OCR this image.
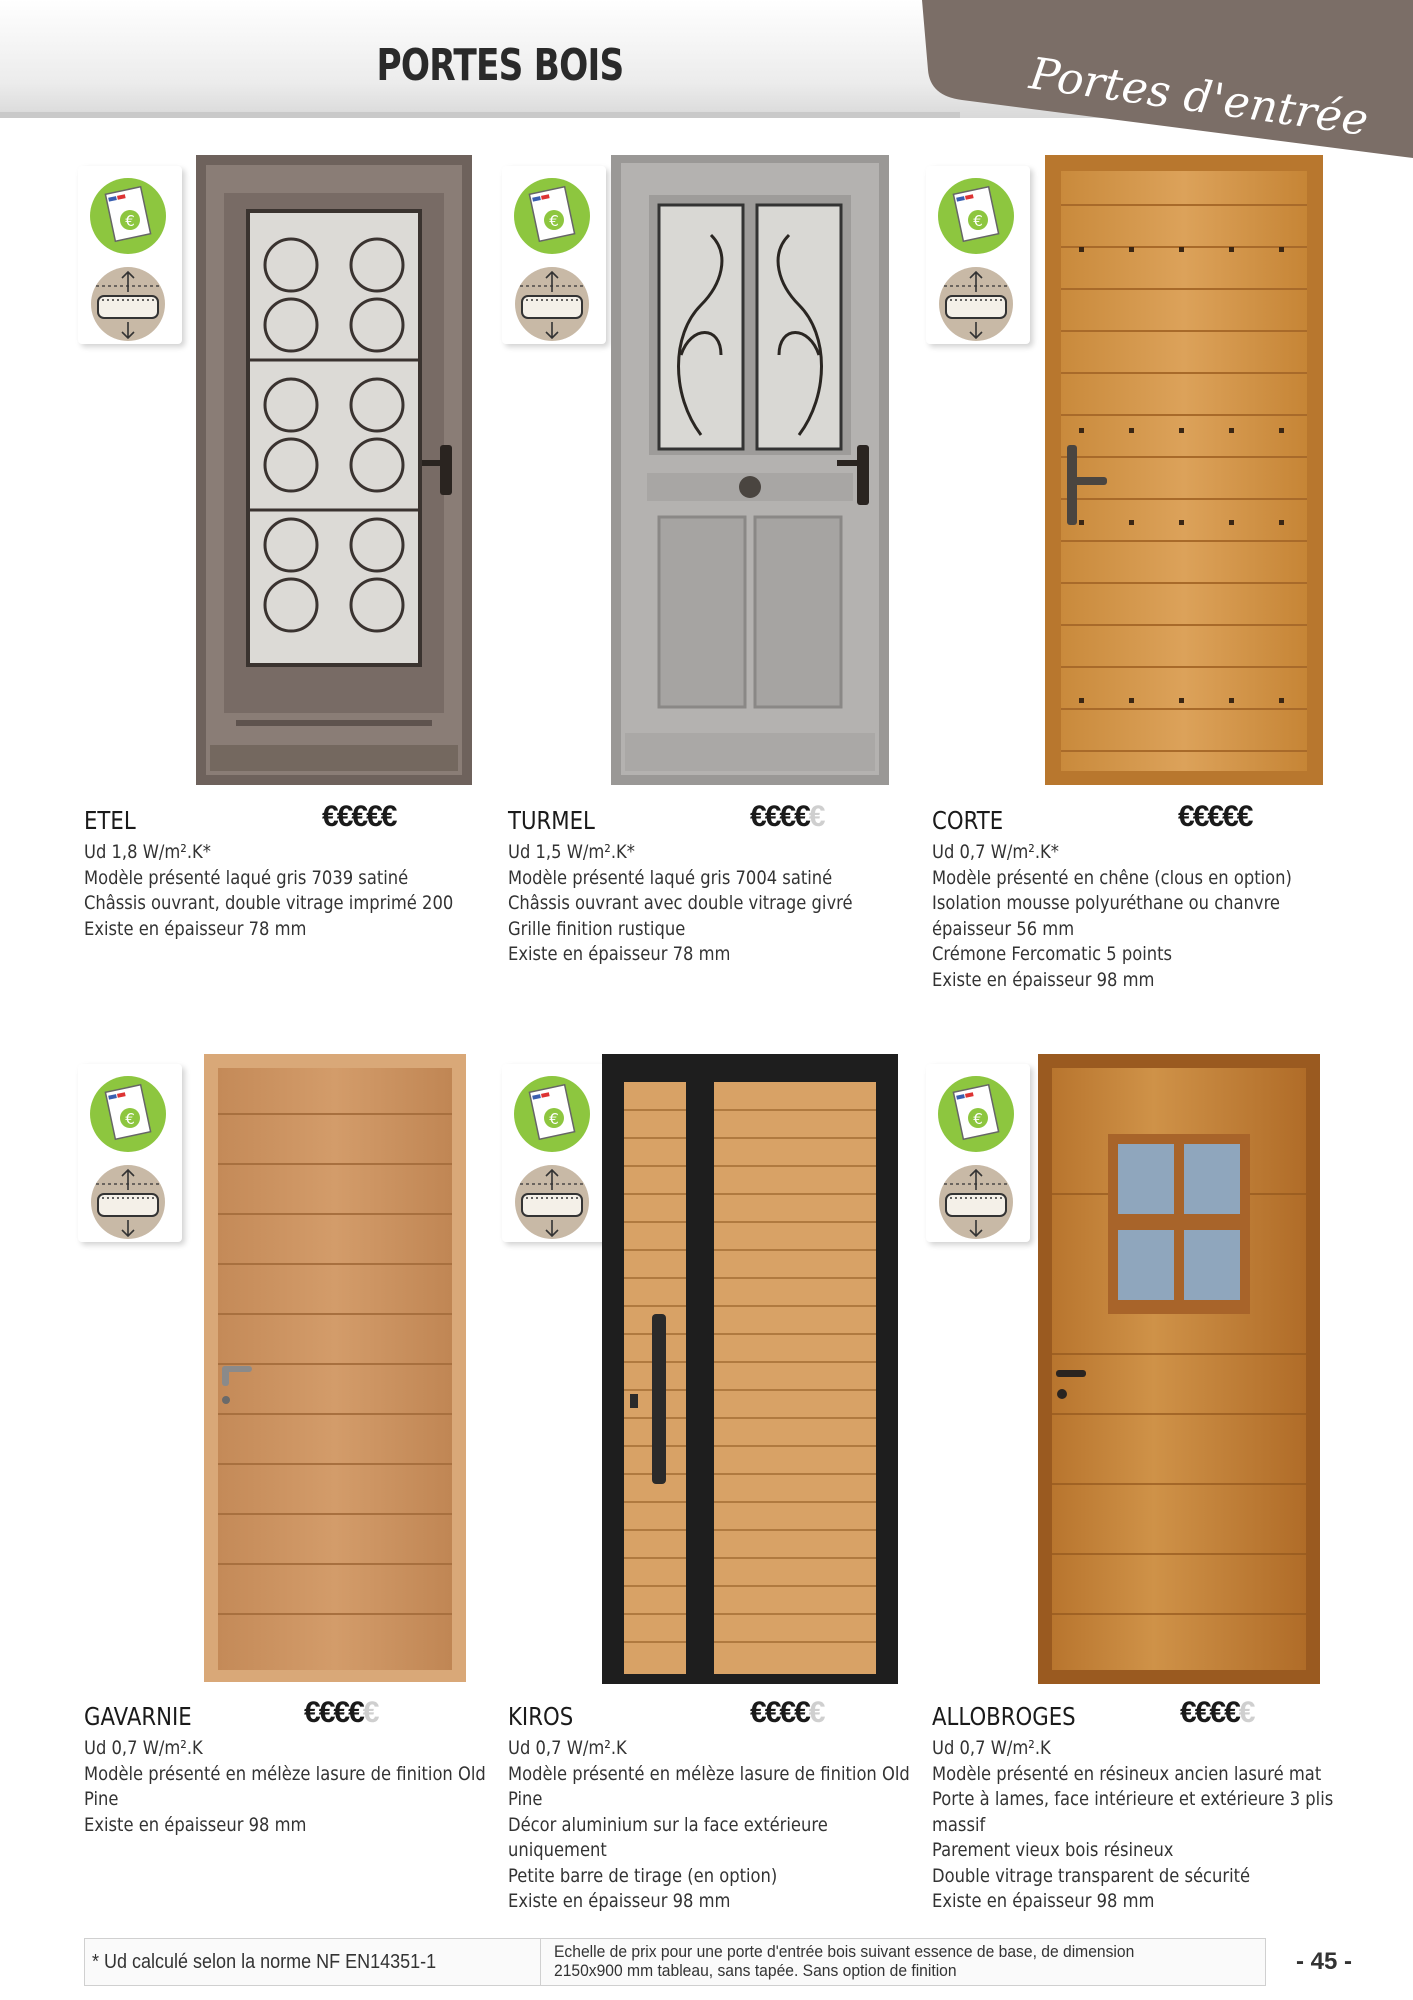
PORTES BOIS	Portes d'entrée
€
ETEL	€€€€€
Ud 1,8 W/m².K*
Modèle présenté laqué gris 7039 satiné
Châssis ouvrant, double vitrage imprimé 200
Existe en épaisseur 78 mm
€
TURMEL	€€€€€
Ud 1,5 W/m².K*
Modèle présenté laqué gris 7004 satiné
Châssis ouvrant avec double vitrage givré
Grille finition rustique
Existe en épaisseur 78 mm
€
CORTE	€€€€€
Ud 0,7 W/m².K*
Modèle présenté en chêne (clous en option)
Isolation mousse polyuréthane ou chanvre
épaisseur 56 mm
Crémone Fercomatic 5 points
Existe en épaisseur 98 mm
€
GAVARNIE	€€€€€
Ud 0,7 W/m².K
Modèle présenté en mélèze lasure de finition Old
Pine
Existe en épaisseur 98 mm
€
KIROS	€€€€€
Ud 0,7 W/m².K
Modèle présenté en mélèze lasure de finition Old
Pine
Décor aluminium sur la face extérieure
uniquement
Petite barre de tirage (en option)
Existe en épaisseur 98 mm
€
ALLOBROGES	€€€€€
Ud 0,7 W/m².K
Modèle présenté en résineux ancien lasuré mat
Porte à lames, face intérieure et extérieure 3 plis
massif
Parement vieux bois résineux
Double vitrage transparent de sécurité
Existe en épaisseur 98 mm
* Ud calculé selon la norme NF EN14351-1	Echelle de prix pour une porte d'entrée bois suivant essence de base, de dimension
2150x900 mm tableau, sans tapée. Sans option de finition	- 45 -
